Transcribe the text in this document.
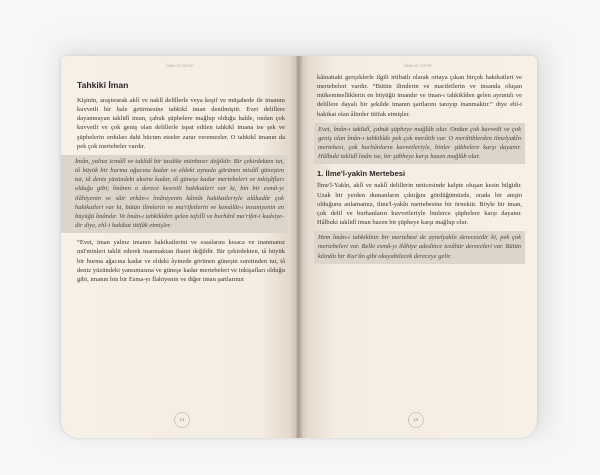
İMAN VE KÜFÜR
Tahkikî İman

Kişinin, araştırarak aklî ve naklî delillerle veya keşif ve müşahede ile imanını kuvvetli bir hale getirmesine tahkikî iman denilmiştir. Evet delillere dayanmayan taklidî iman, çabuk şüphelere mağlup olduğu halde, ondan çok kuvvetli ve çok geniş olan delillerle ispat edilen tahkikî imana ise şek ve şüphelerin orduları dahi hücum etseler zarar veremezler. O tahkikî imanın da pek çok mertebeler vardır.

İmân, yalnız icmâlî ve taklidî bir tasdike münhasır değildir. Bir çekirdekten tut, tâ büyük bir hurma ağacına kadar ve eldeki aynada görünen misâlî güneşten tut, tâ deniz yüzündeki aksine kadar, tâ güneşe kadar mertebeleri ve inkişâfları olduğu gibi; îmânın o derece kesretli hakikatleri var ki, bin bir esmâ-yı ilâhiyenin ve sâir erkân-ı îmâniyenin kâinât hakikatleriyle alâkadâr çok hakikatleri var ki, bütün ilimlerin ve ma'rifetlerin ve kemâlât-ı insaniyenin en büyüğü îmândır. Ve îmân-ı tahkikîden gelen tafsîlî ve burhânî ma'rifet-i kudsiye-dir diye, ehl-i hakikat ittifâk etmişler.

“Evet, iman yalnız imanın hakikatlerini ve esaslarını kısaca ve inanmanız mü'minleri taklit ederek inanmaktan ibaret değildir. Bir çekirdekten, tâ büyük bir hurma ağacına kadar ve eldeki âyinede görünen güneşin suretinden tut, tâ deniz yüzündeki yansımasına ve güneşe kadar mertebeleri ve inkişafları olduğu gibi, imanın bin bir Esma-yı İlahiyenin ve diğer iman şartlarının

14
İMAN VE KÜFÜR

kâinattaki gerçeklerle ilgili irtibatlı olarak ortaya çıkan birçok hakikatleri ve mertebeleri vardır. “Bütün ilimlerin ve marifetlerin ve insanda oluşan mükemmelliklerin en büyüğü imandır ve iman-ı tahkikîden gelen ayrıntılı ve delillere dayalı bir şekilde imanın şartlarını tanıyıp inanmaktır.” diye ehl-i hakikat olan âlimler ittifak etmişler.

Evet, îmân-ı taklidî, çabuk şüpheye mağlûb olur. Ondan çok kuvvetli ve çok geniş olan îmân-ı tahkikîde pek çok merâtib var. O merâtiblerden ilmelyakîn mertebesi, çok burhânların kuvvetleriyle, binler şübhelere karşı dayanır. Hâlbuki taklidî îmân ise, bir şübheye karşı bazen mağlûb olur.
1. İlme'l-yakîn Mertebesi

İlme'l-Yakîn, aklî ve naklî delillerin neticesinde kalpte oluşan kesin bilgidir. Uzak bir yerden dumanların çıktığını gördüğümüzde, orada bir ateşin olduğunu anlamamız, ilme'l-yakîn mertebesine bir örnektir. Böyle bir iman, çok delil ve burhanların kuvvetleriyle binlerce şüphelere karşı dayanır. Hâlbuki taklidî iman bazen bir şüpheye karşı mağlup olur.

Hem îmân-ı tahkikînin bir mertebesi de aynelyakîn derecesidir ki, pek çok mertebeleri var. Belki esmâ-yı ilâhiye adedince tezâhür dereceleri var. Bütün kâinâtı bir Kur'ân gibi okuyabilecek dereceye gelir.
15
